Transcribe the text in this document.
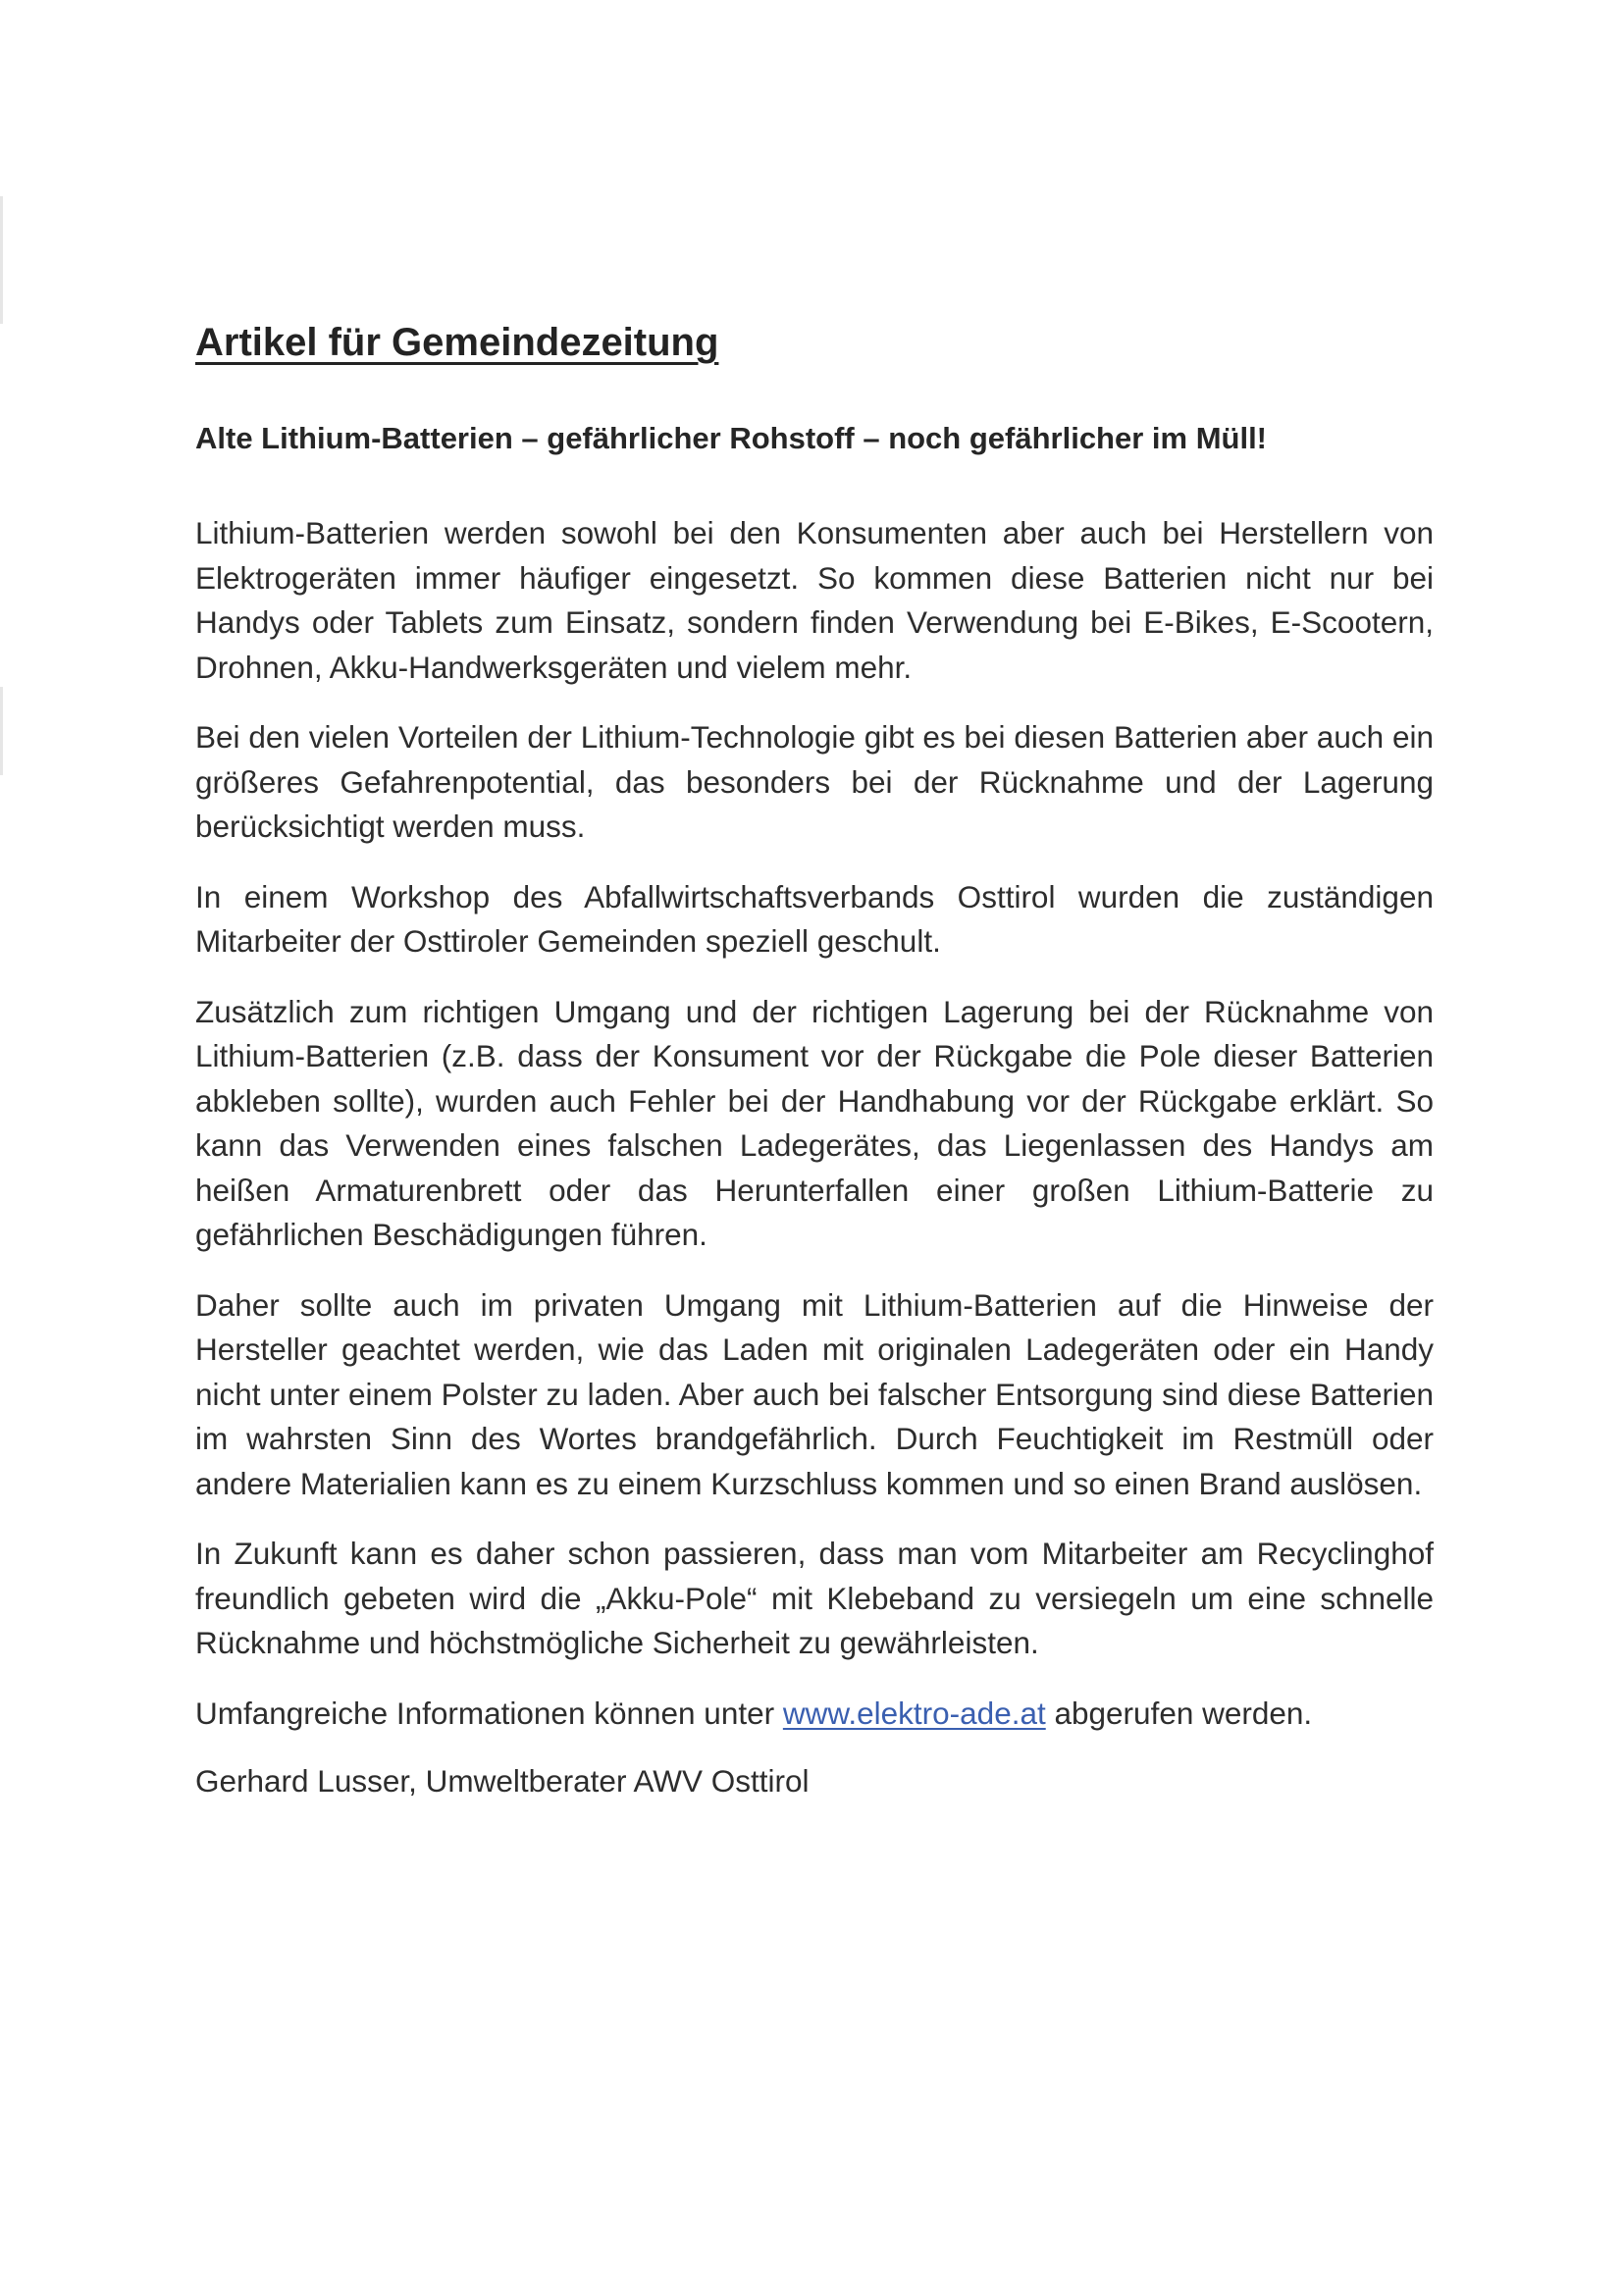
Artikel für Gemeindezeitung
Alte Lithium-Batterien – gefährlicher Rohstoff – noch gefährlicher im Müll!

Lithium-Batterien werden sowohl bei den Konsumenten aber auch bei Herstellern von Elektrogeräten immer häufiger eingesetzt. So kommen diese Batterien nicht nur bei Handys oder Tablets zum Einsatz, sondern finden Verwendung bei E-Bikes, E-Scootern, Drohnen, Akku-Handwerksgeräten und vielem mehr.

Bei den vielen Vorteilen der Lithium-Technologie gibt es bei diesen Batterien aber auch ein größeres Gefahrenpotential, das besonders bei der Rücknahme und der Lagerung berücksichtigt werden muss.

In einem Workshop des Abfallwirtschaftsverbands Osttirol wurden die zuständigen Mitarbeiter der Osttiroler Gemeinden speziell geschult.

Zusätzlich zum richtigen Umgang und der richtigen Lagerung bei der Rücknahme von Lithium-Batterien (z.B. dass der Konsument vor der Rückgabe die Pole dieser Batterien abkleben sollte), wurden auch Fehler bei der Handhabung vor der Rückgabe erklärt. So kann das Verwenden eines falschen Ladegerätes, das Liegenlassen des Handys am heißen Armaturenbrett oder das Herunterfallen einer großen Lithium-Batterie zu gefährlichen Beschädigungen führen.

Daher sollte auch im privaten Umgang mit Lithium-Batterien auf die Hinweise der Hersteller geachtet werden, wie das Laden mit originalen Ladegeräten oder ein Handy nicht unter einem Polster zu laden. Aber auch bei falscher Entsorgung sind diese Batterien im wahrsten Sinn des Wortes brandgefährlich. Durch Feuchtigkeit im Restmüll oder andere Materialien kann es zu einem Kurzschluss kommen und so einen Brand auslösen.

In Zukunft kann es daher schon passieren, dass man vom Mitarbeiter am Recyclinghof freundlich gebeten wird die „Akku-Pole“ mit Klebeband zu versiegeln um eine schnelle Rücknahme und höchstmögliche Sicherheit zu gewährleisten.

Umfangreiche Informationen können unter www.elektro-ade.at abgerufen werden.

Gerhard Lusser, Umweltberater AWV Osttirol
